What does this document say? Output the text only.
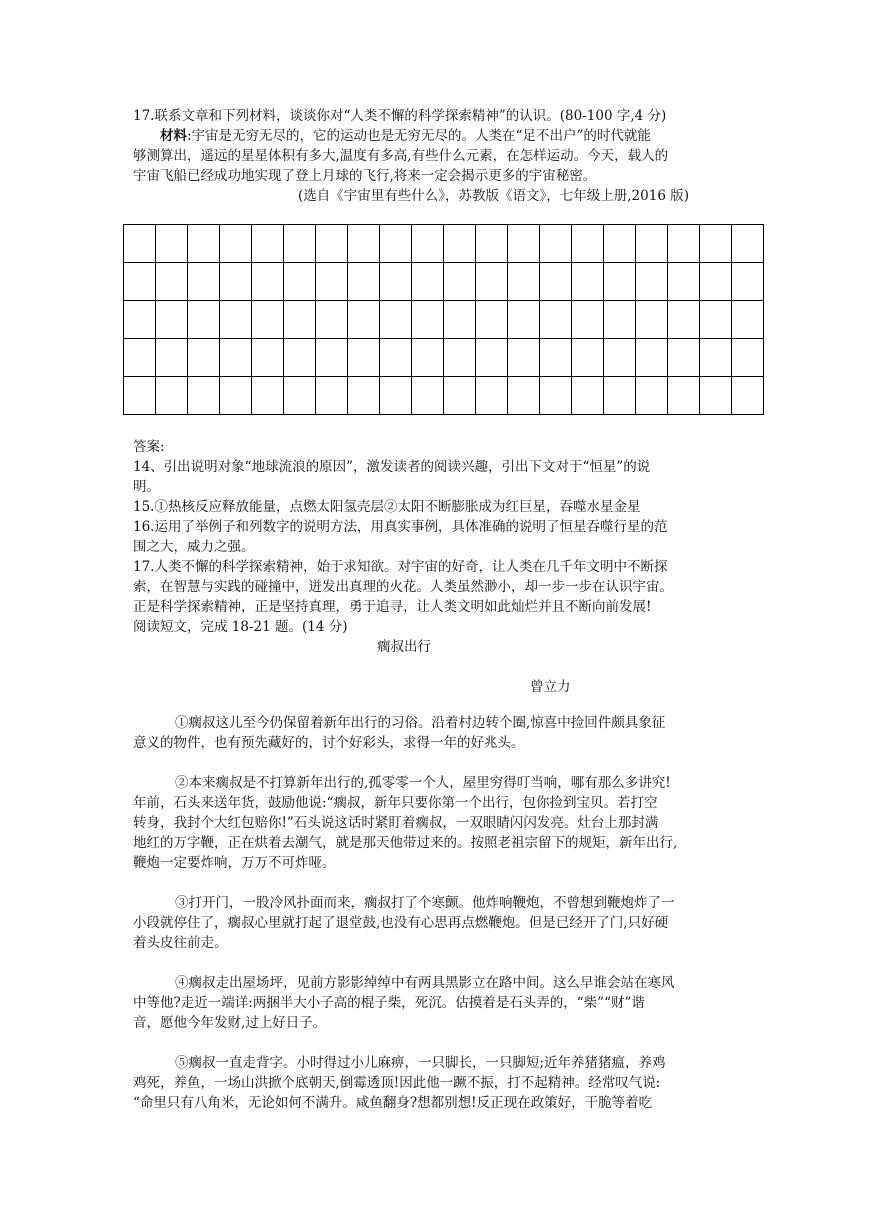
17.联系文章和下列材料，谈谈你对“人类不懈的科学探索精神”的认识。(80-100 字,4 分)
材料:宇宙是无穷无尽的，它的运动也是无穷无尽的。人类在“足不出户”的时代就能
够测算出，遥远的星星体积有多大,温度有多高,有些什么元素，在怎样运动。今天，载人的
宇宙飞船已经成功地实现了登上月球的飞行,将来一定会揭示更多的宇宙秘密。
(选自《宇宙里有些什么》，苏教版《语文》，七年级上册,2016 版)

答案:
14、引出说明对象“地球流浪的原因”，激发读者的阅读兴趣，引出下文对于“恒星”的说
明。
15.①热核反应释放能量，点燃太阳氢壳层②太阳不断膨胀成为红巨星，吞噬水星金星
16.运用了举例子和列数字的说明方法，用真实事例，具体准确的说明了恒星吞噬行星的范
围之大，威力之强。
17.人类不懈的科学探索精神，始于求知欲。对宇宙的好奇，让人类在几千年文明中不断探
索，在智慧与实践的碰撞中，迸发出真理的火花。人类虽然渺小，却一步一步在认识宇宙。
正是科学探索精神，正是坚持真理，勇于追寻，让人类文明如此灿烂并且不断向前发展!
阅读短文，完成 18-21 题。(14 分)
瘸叔出行
曾立力
①瘸叔这儿至今仍保留着新年出行的习俗。沿着村边转个圈,惊喜中捡回件颇具象征
意义的物件，也有预先藏好的，讨个好彩头，求得一年的好兆头。
②本来瘸叔是不打算新年出行的,孤零零一个人，屋里穷得叮当响，哪有那么多讲究!
年前，石头来送年货，鼓励他说:“瘸叔，新年只要你第一个出行，包你捡到宝贝。若打空
转身，我封个大红包赔你!”石头说这话时紧盯着瘸叔，一双眼睛闪闪发亮。灶台上那封满
地红的万字鞭，正在烘着去潮气，就是那天他带过来的。按照老祖宗留下的规矩，新年出行,
鞭炮一定要炸响，万万不可炸哑。
③打开门，一股冷风扑面而来，瘸叔打了个寒颤。他炸响鞭炮，不曾想到鞭炮炸了一
小段就停住了，瘸叔心里就打起了退堂鼓,也没有心思再点燃鞭炮。但是已经开了门,只好硬
着头皮往前走。
④瘸叔走出屋场坪，见前方影影绰绰中有两具黑影立在路中间。这么早谁会站在寒风
中等他?走近一端详:两捆半大小子高的棍子柴，死沉。估摸着是石头弄的，“柴”“财”谐
音，愿他今年发财,过上好日子。
⑤瘸叔一直走背字。小时得过小儿麻痹，一只脚长，一只脚短;近年养猪猪瘟，养鸡
鸡死，养鱼，一场山洪掀个底朝天,倒霉透顶!因此他一蹶不振，打不起精神。经常叹气说:
“命里只有八角米，无论如何不满升。咸鱼翻身?想都别想!反正现在政策好，干脆等着吃
